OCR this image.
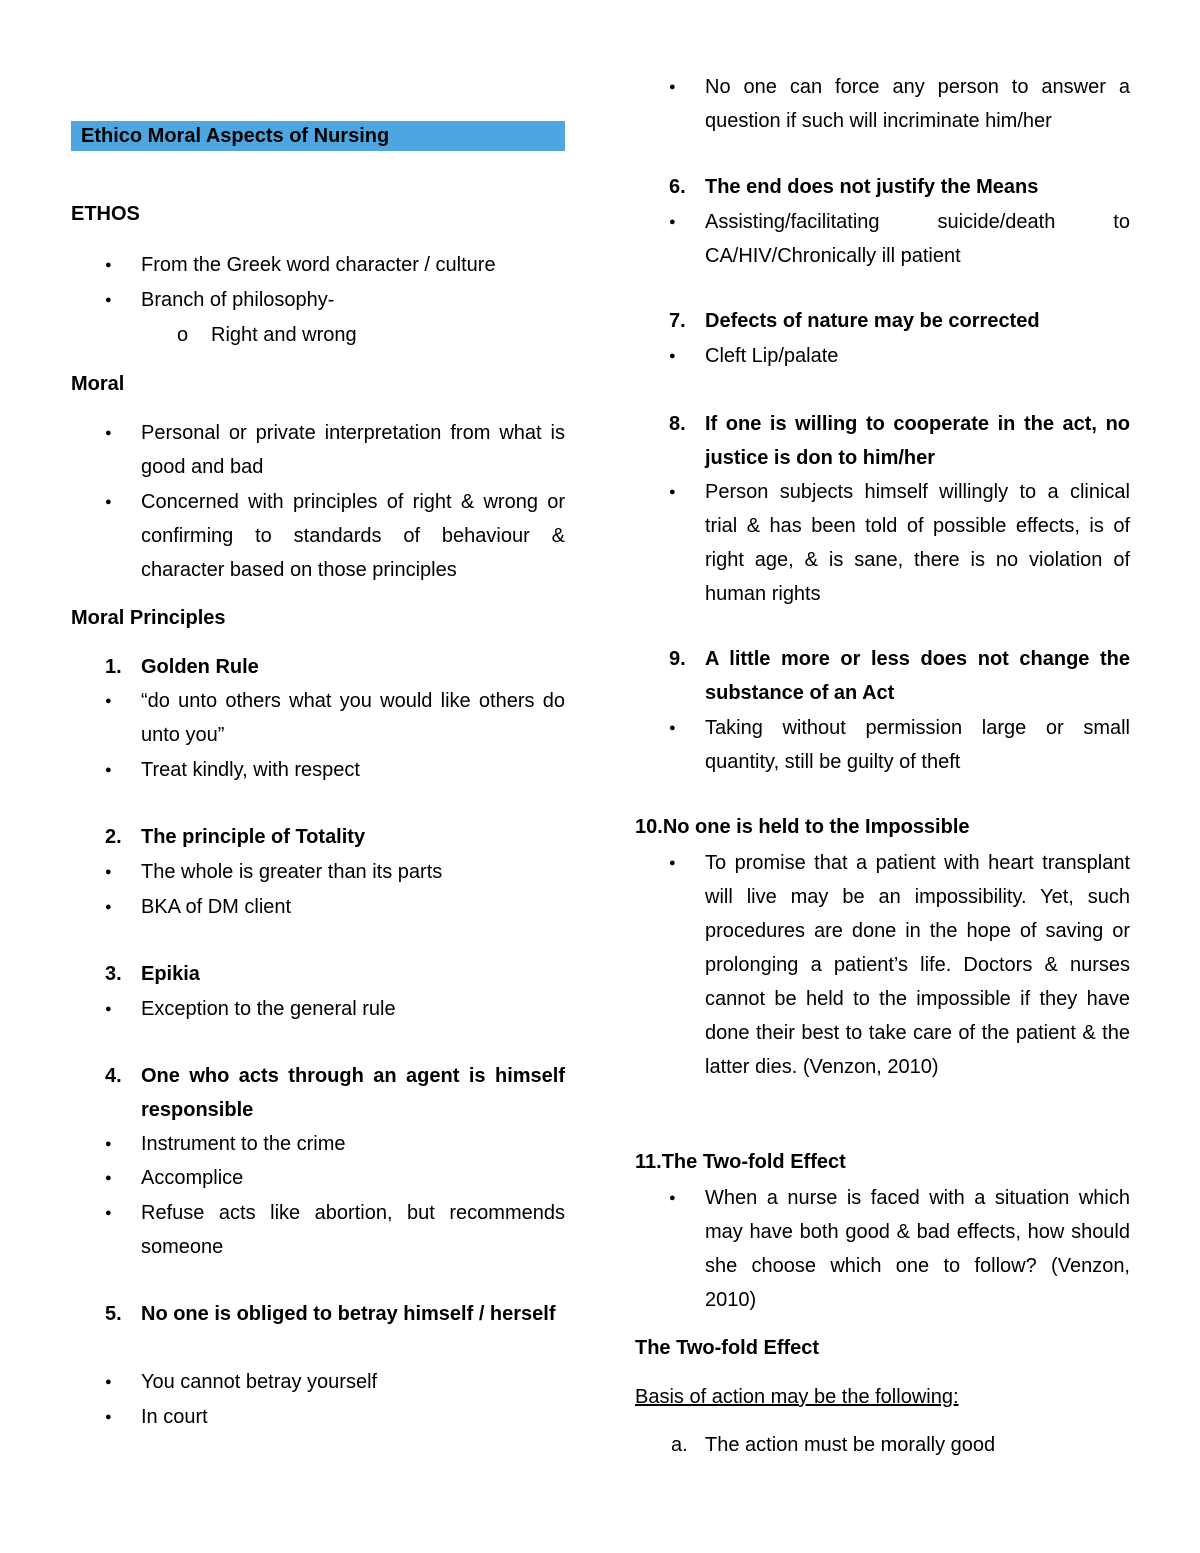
Ethico Moral Aspects of Nursing
ETHOS
● From the Greek word character / culture
● Branch of philosophy-
o Right and wrong
Moral
● Personal or private interpretation from what is good and bad
● Concerned with principles of right & wrong or confirming to standards of behaviour & character based on those principles
Moral Principles
1. Golden Rule
● “do unto others what you would like others do unto you”
● Treat kindly, with respect
2. The principle of Totality
● The whole is greater than its parts
● BKA of DM client
3. Epikia
● Exception to the general rule
4. One who acts through an agent is himself responsible
● Instrument to the crime
● Accomplice
● Refuse acts like abortion, but recommends someone
5. No one is obliged to betray himself / herself
● You cannot betray yourself
● In court
● No one can force any person to answer a question if such will incriminate him/her
6. The end does not justify the Means
● Assisting/facilitating suicide/death to CA/HIV/Chronically ill patient
7. Defects of nature may be corrected
● Cleft Lip/palate
8. If one is willing to cooperate in the act, no justice is don to him/her
● Person subjects himself willingly to a clinical trial & has been told of possible effects, is of right age, & is sane, there is no violation of human rights
9. A little more or less does not change the substance of an Act
● Taking without permission large or small quantity, still be guilty of theft
10.No one is held to the Impossible
● To promise that a patient with heart transplant will live may be an impossibility. Yet, such procedures are done in the hope of saving or prolonging a patient’s life. Doctors & nurses cannot be held to the impossible if they have done their best to take care of the patient & the latter dies. (Venzon, 2010)
11.The Two-fold Effect
● When a nurse is faced with a situation which may have both good & bad effects, how should she choose which one to follow? (Venzon, 2010)
The Two-fold Effect
Basis of action may be the following:
a. The action must be morally good
